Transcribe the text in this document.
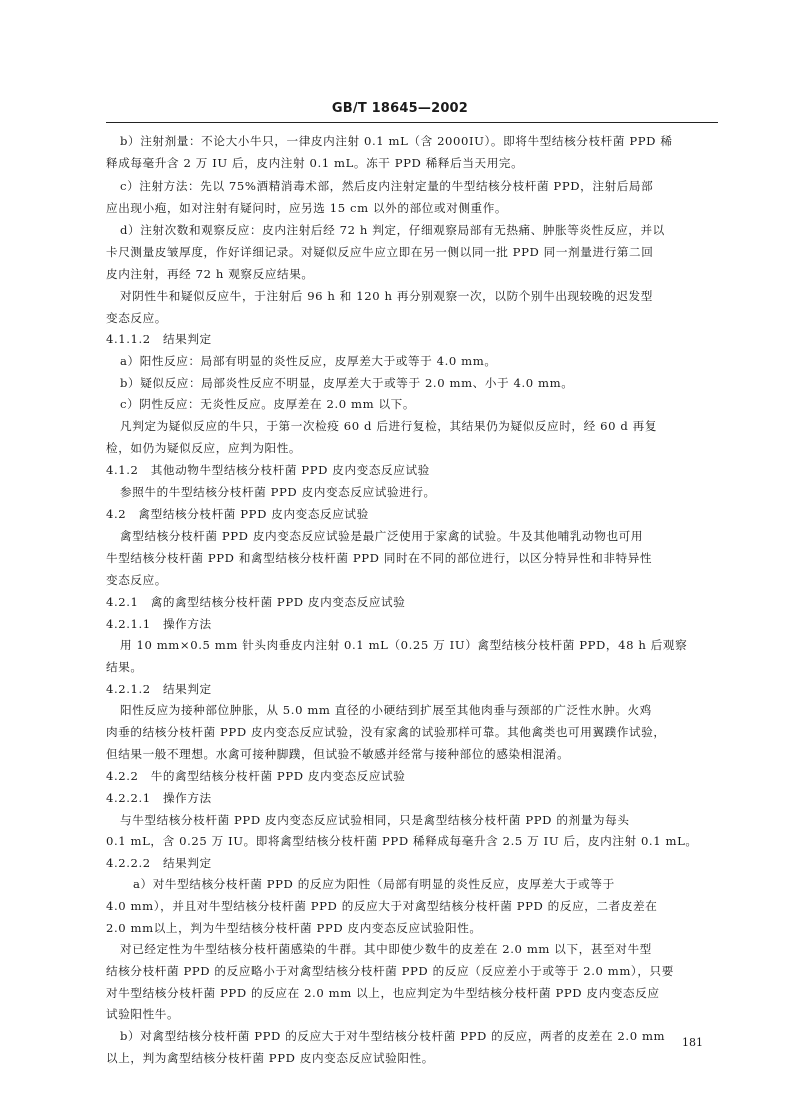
GB/T 18645—2002
b）注射剂量：不论大小牛只，一律皮内注射 0.1 mL（含 2000IU）。即将牛型结核分枝杆菌 PPD 稀
释成每毫升含 2 万 IU 后，皮内注射 0.1 mL。冻干 PPD 稀释后当天用完。
c）注射方法：先以 75%酒精消毒术部，然后皮内注射定量的牛型结核分枝杆菌 PPD，注射后局部
应出现小疱，如对注射有疑问时，应另选 15 cm 以外的部位或对侧重作。
d）注射次数和观察反应：皮内注射后经 72 h 判定，仔细观察局部有无热痛、肿胀等炎性反应，并以
卡尺测量皮皱厚度，作好详细记录。对疑似反应牛应立即在另一侧以同一批 PPD 同一剂量进行第二回
皮内注射，再经 72 h 观察反应结果。
对阴性牛和疑似反应牛，于注射后 96 h 和 120 h 再分别观察一次，以防个别牛出现较晚的迟发型
变态反应。
4.1.1.2　结果判定
a）阳性反应：局部有明显的炎性反应，皮厚差大于或等于 4.0 mm。
b）疑似反应：局部炎性反应不明显，皮厚差大于或等于 2.0 mm、小于 4.0 mm。
c）阴性反应：无炎性反应。皮厚差在 2.0 mm 以下。
凡判定为疑似反应的牛只，于第一次检疫 60 d 后进行复检，其结果仍为疑似反应时，经 60 d 再复
检，如仍为疑似反应，应判为阳性。
4.1.2　其他动物牛型结核分枝杆菌 PPD 皮内变态反应试验
参照牛的牛型结核分枝杆菌 PPD 皮内变态反应试验进行。
4.2　禽型结核分枝杆菌 PPD 皮内变态反应试验
禽型结核分枝杆菌 PPD 皮内变态反应试验是最广泛使用于家禽的试验。牛及其他哺乳动物也可用
牛型结核分枝杆菌 PPD 和禽型结核分枝杆菌 PPD 同时在不同的部位进行，以区分特异性和非特异性
变态反应。
4.2.1　禽的禽型结核分枝杆菌 PPD 皮内变态反应试验
4.2.1.1　操作方法
用 10 mm×0.5 mm 针头肉垂皮内注射 0.1 mL（0.25 万 IU）禽型结核分枝杆菌 PPD，48 h 后观察
结果。
4.2.1.2　结果判定
阳性反应为接种部位肿胀，从 5.0 mm 直径的小硬结到扩展至其他肉垂与颈部的广泛性水肿。火鸡
肉垂的结核分枝杆菌 PPD 皮内变态反应试验，没有家禽的试验那样可靠。其他禽类也可用翼蹼作试验，
但结果一般不理想。水禽可接种脚蹼，但试验不敏感并经常与接种部位的感染相混淆。
4.2.2　牛的禽型结核分枝杆菌 PPD 皮内变态反应试验
4.2.2.1　操作方法
与牛型结核分枝杆菌 PPD 皮内变态反应试验相同，只是禽型结核分枝杆菌 PPD 的剂量为每头
0.1 mL，含 0.25 万 IU。即将禽型结核分枝杆菌 PPD 稀释成每毫升含 2.5 万 IU 后，皮内注射 0.1 mL。
4.2.2.2　结果判定
a）对牛型结核分枝杆菌 PPD 的反应为阳性（局部有明显的炎性反应，皮厚差大于或等于
4.0 mm），并且对牛型结核分枝杆菌 PPD 的反应大于对禽型结核分枝杆菌 PPD 的反应，二者皮差在
2.0 mm以上，判为牛型结核分枝杆菌 PPD 皮内变态反应试验阳性。
对已经定性为牛型结核分枝杆菌感染的牛群。其中即使少数牛的皮差在 2.0 mm 以下，甚至对牛型
结核分枝杆菌 PPD 的反应略小于对禽型结核分枝杆菌 PPD 的反应（反应差小于或等于 2.0 mm），只要
对牛型结核分枝杆菌 PPD 的反应在 2.0 mm 以上，也应判定为牛型结核分枝杆菌 PPD 皮内变态反应
试验阳性牛。
b）对禽型结核分枝杆菌 PPD 的反应大于对牛型结核分枝杆菌 PPD 的反应，两者的皮差在 2.0 mm
以上，判为禽型结核分枝杆菌 PPD 皮内变态反应试验阳性。
181
